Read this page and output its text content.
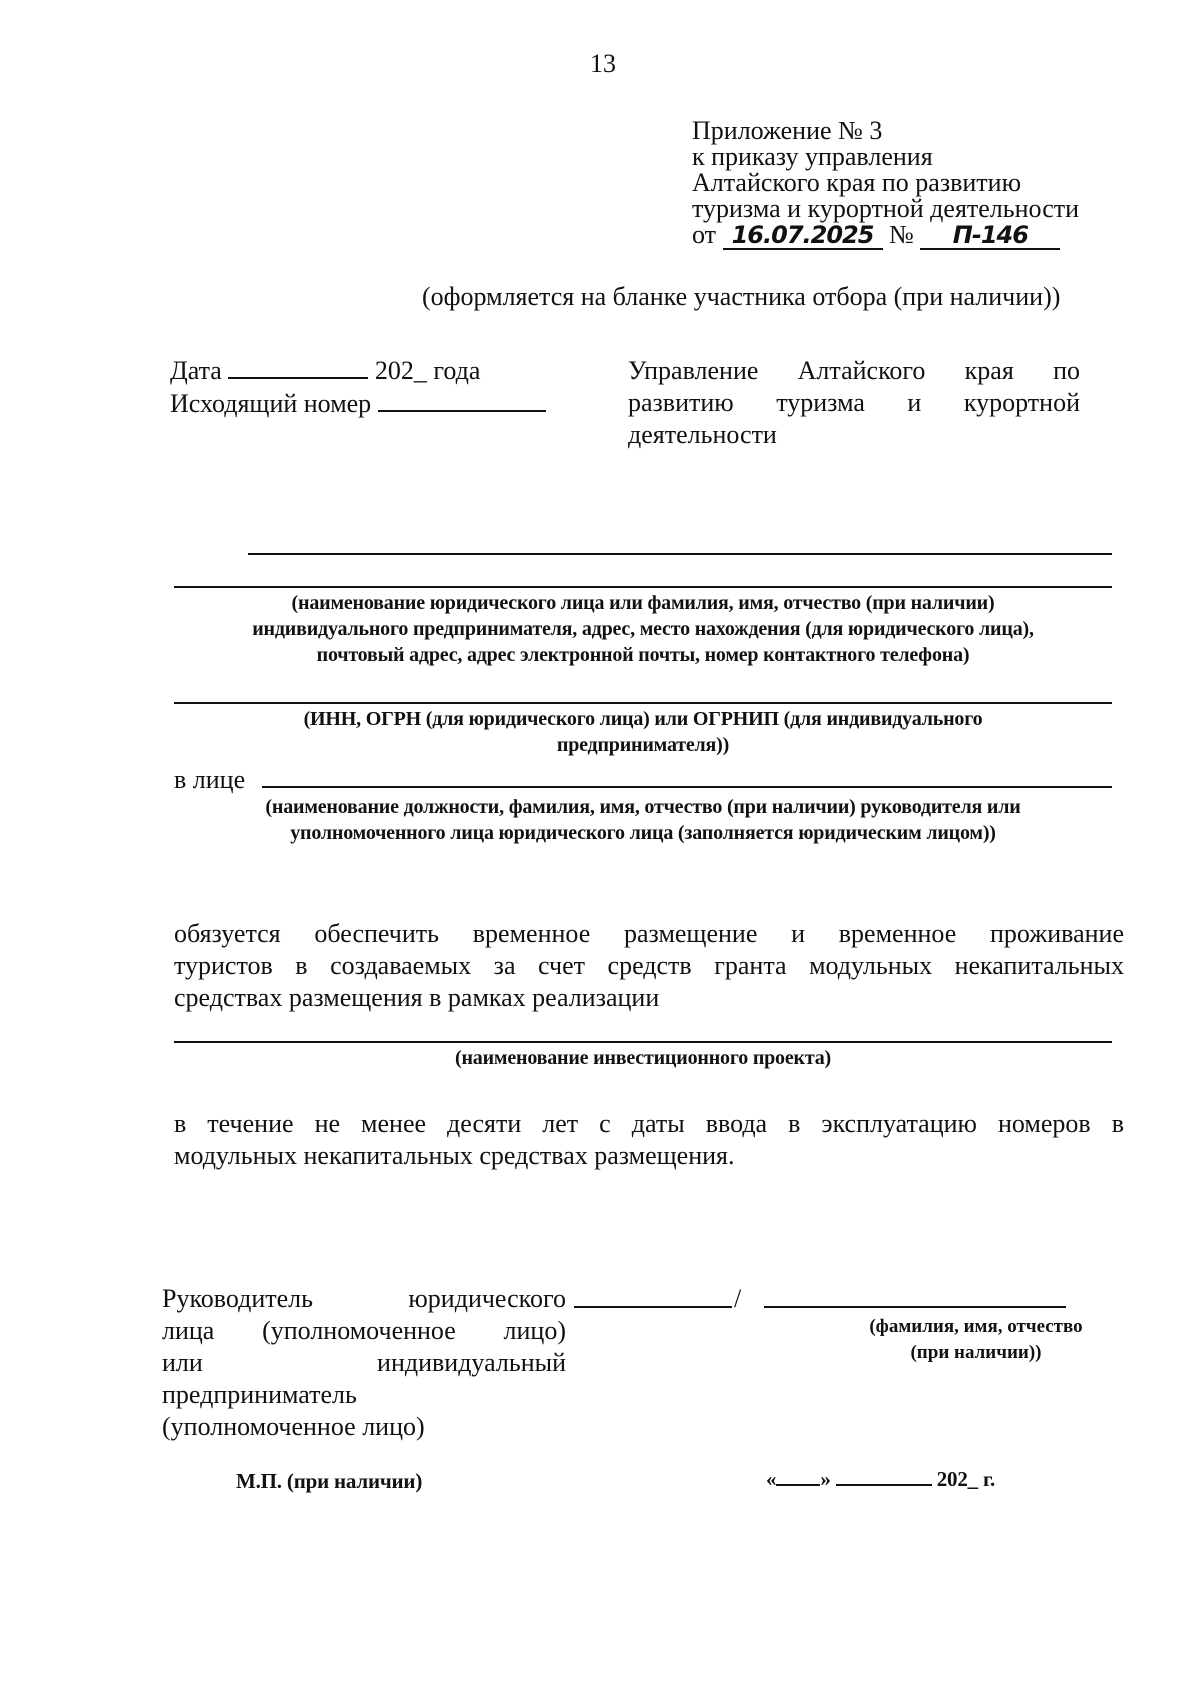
13
Приложение № 3
к приказу управления
Алтайского края по развитию
туризма и курортной деятельности
от 16.07.2025 № П-146
(оформляется на бланке участника отбора (при наличии))
Дата	202_ года
Исходящий номер
Управление Алтайского края по
развитию туризма и курортной
деятельности
(наименование юридического лица или фамилия, имя, отчество (при наличии)
индивидуального предпринимателя, адрес, место нахождения (для юридического лица),
почтовый адрес, адрес электронной почты, номер контактного телефона)
(ИНН, ОГРН (для юридического лица) или ОГРНИП (для индивидуального
предпринимателя))
в лице
(наименование должности, фамилия, имя, отчество (при наличии) руководителя или
уполномоченного лица юридического лица (заполняется юридическим лицом))
обязуется обеспечить временное размещение и временное проживание
туристов в создаваемых за счет средств гранта модульных некапитальных
средствах размещения в рамках реализации
(наименование инвестиционного проекта)
в течение не менее десяти лет с даты ввода в эксплуатацию номеров в
модульных некапитальных средствах размещения.
Руководитель	юридического
лица (уполномоченное лицо)
или	индивидуальный
предприниматель
(уполномоченное лицо)
/
(фамилия, имя, отчество
(при наличии))
М.П. (при наличии)	« »	202_ г.
